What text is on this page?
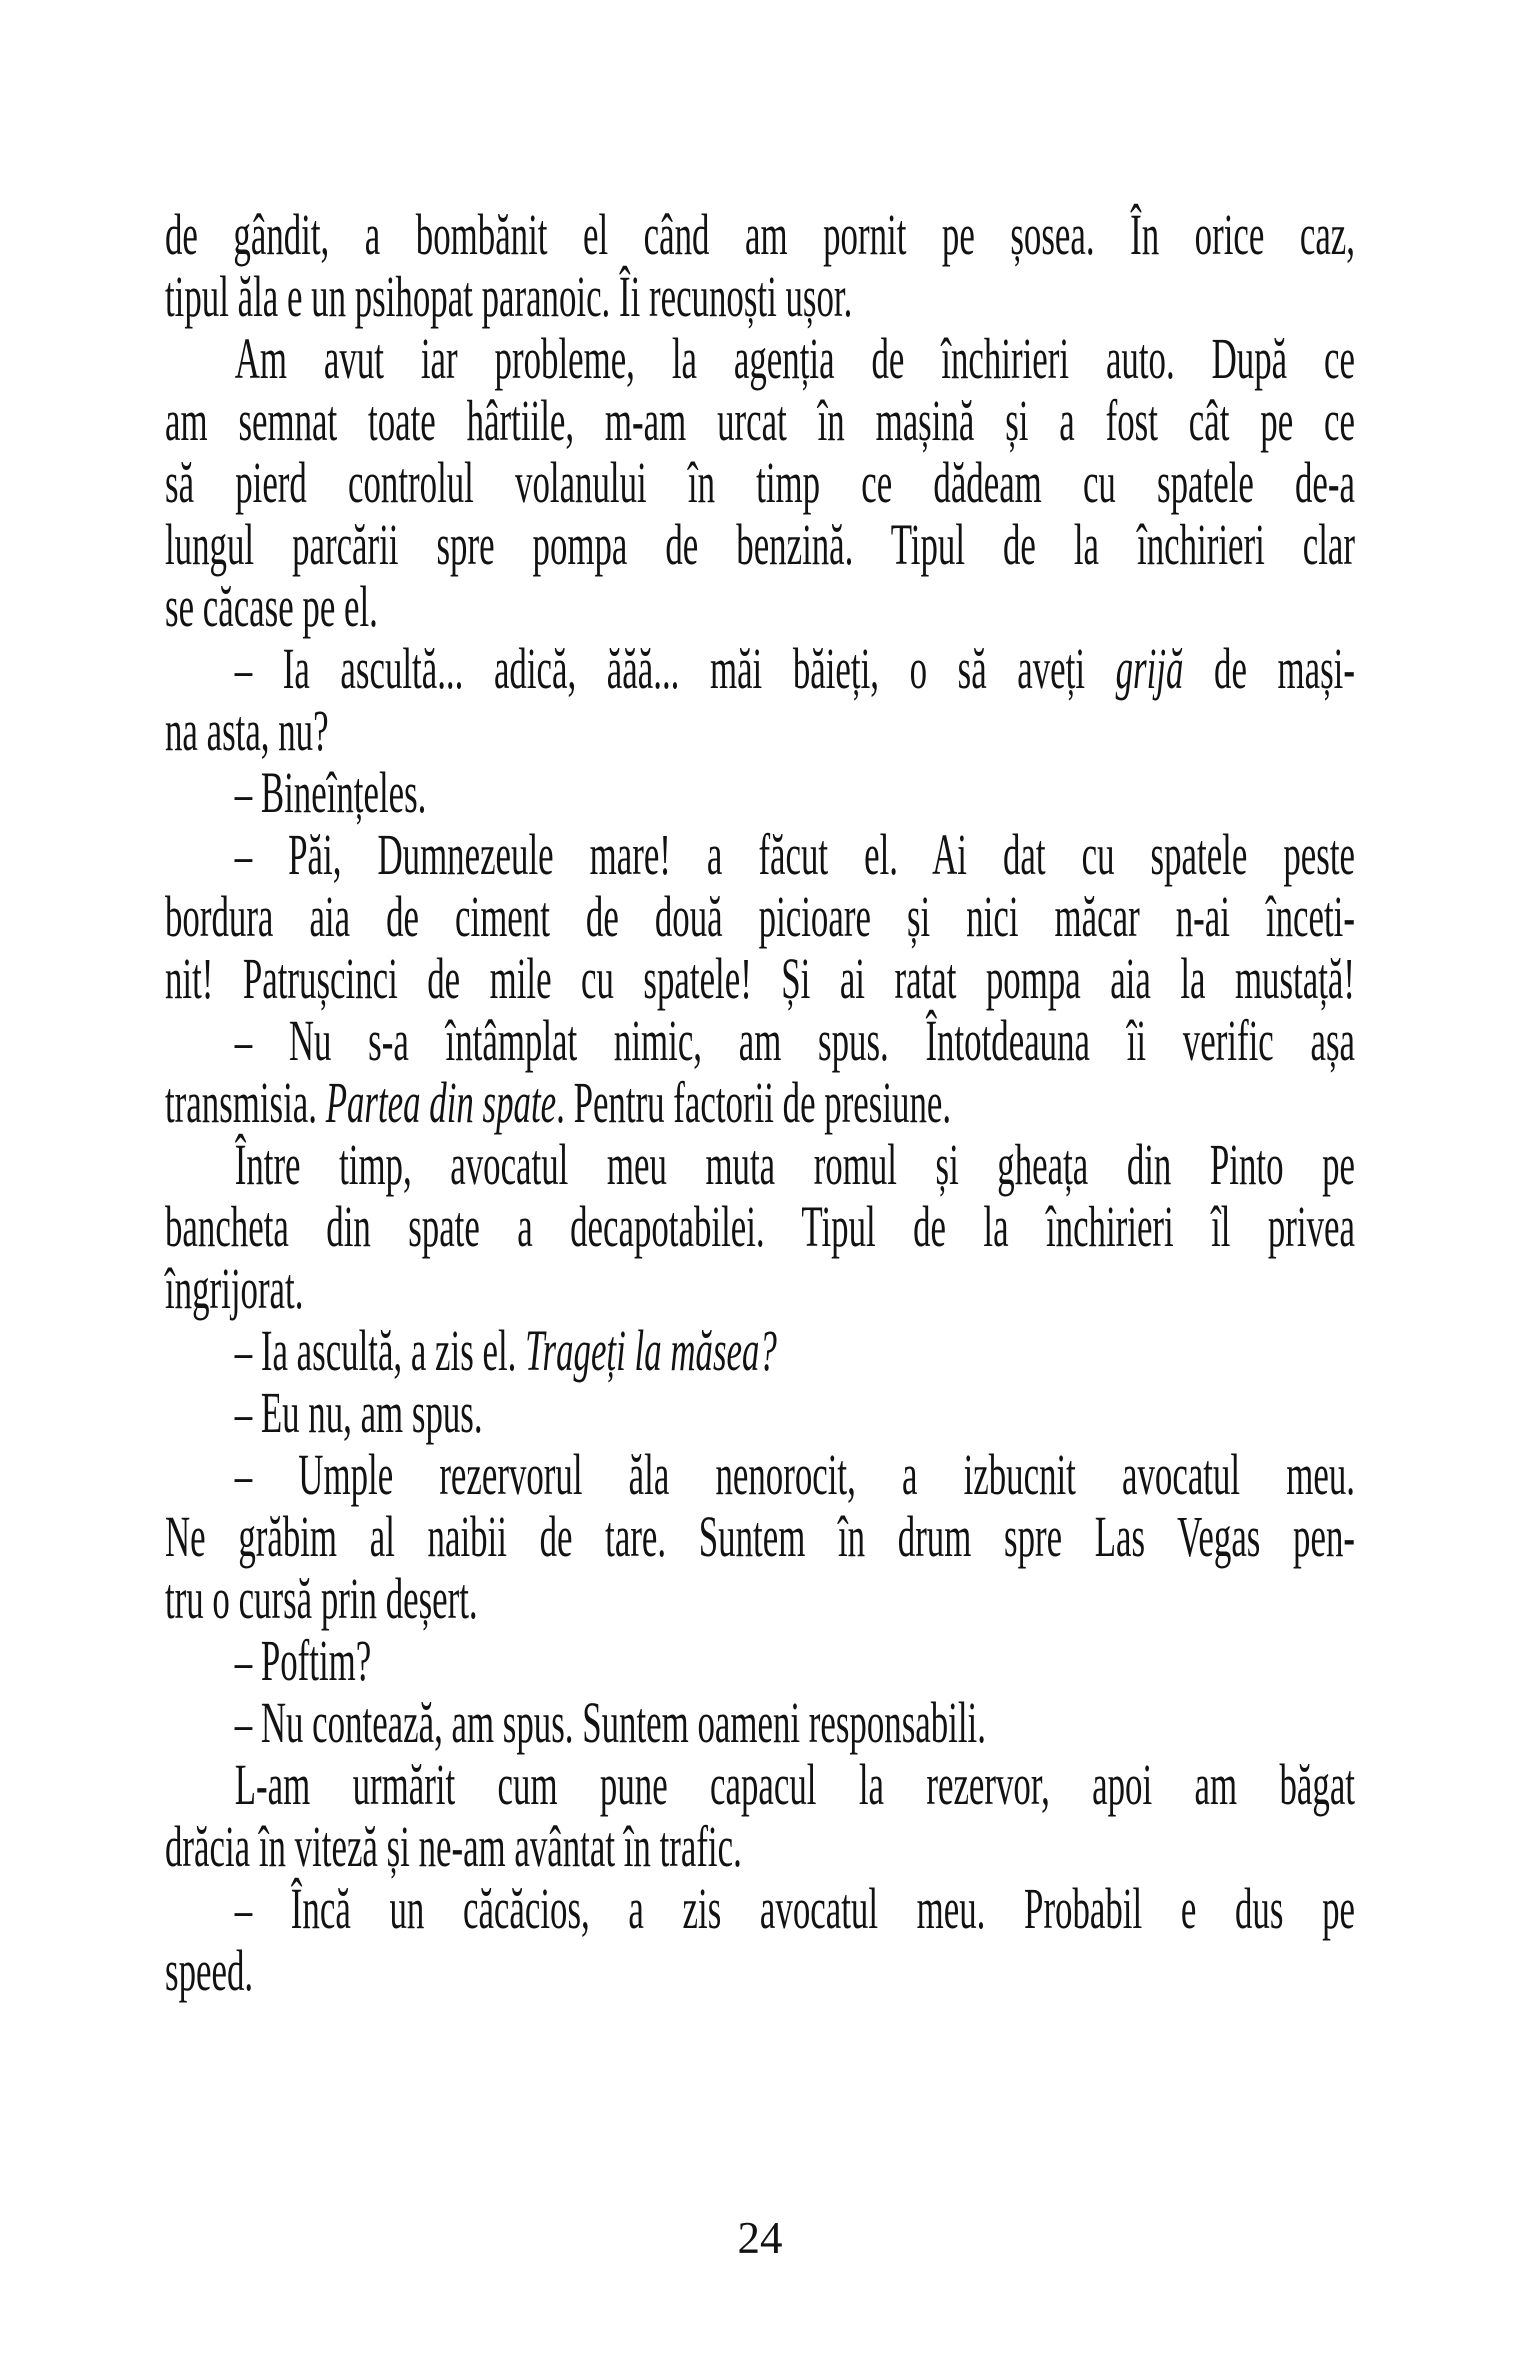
de gândit, a bombănit el când am pornit pe șosea. În orice caz,
tipul ăla e un psihopat paranoic. Îi recunoști ușor.
Am avut iar probleme, la agenția de închirieri auto. După ce
am semnat toate hârtiile, m-am urcat în mașină și a fost cât pe ce
să pierd controlul volanului în timp ce dădeam cu spatele de-a
lungul parcării spre pompa de benzină. Tipul de la închirieri clar
se căcase pe el.
– Ia ascultă... adică, ăăă... măi băieți, o să aveți grijă de mași-
na asta, nu?
– Bineînțeles.
– Păi, Dumnezeule mare! a făcut el. Ai dat cu spatele peste
bordura aia de ciment de două picioare și nici măcar n-ai înceti-
nit! Patrușcinci de mile cu spatele! Și ai ratat pompa aia la mustață!
– Nu s-a întâmplat nimic, am spus. Întotdeauna îi verific așa
transmisia. Partea din spate. Pentru factorii de presiune.
Între timp, avocatul meu muta romul și gheața din Pinto pe
bancheta din spate a decapotabilei. Tipul de la închirieri îl privea
îngrijorat.
– Ia ascultă, a zis el. Trageți la măsea?
– Eu nu, am spus.
– Umple rezervorul ăla nenorocit, a izbucnit avocatul meu.
Ne grăbim al naibii de tare. Suntem în drum spre Las Vegas pen-
tru o cursă prin deșert.
– Poftim?
– Nu contează, am spus. Suntem oameni responsabili.
L-am urmărit cum pune capacul la rezervor, apoi am băgat
drăcia în viteză și ne-am avântat în trafic.
– Încă un căcăcios, a zis avocatul meu. Probabil e dus pe
speed.
24
